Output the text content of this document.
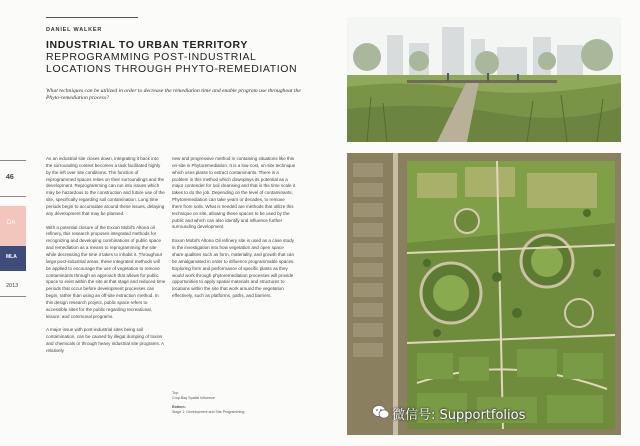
DANIEL WALKER
INDUSTRIAL TO URBAN TERRITORY
REPROGRAMMING POST-INDUSTRIAL
LOCATIONS THROUGH PHYTO-REMEDIATION
What techniques can be utilized in order to decrease the remediation time and enable program use throughout the Phyto-remediation process?
46
DA
MLA
2013

As an industrial site closes down, integrating it back into the surrounding context becomes a task facilitated highly by the left over site conditions. The function of reprogrammed spaces relies on their surroundings and the development. Reprogramming can run into issues which may be hazardous to the construction and future use of the site, specifically regarding soil contamination. Long time periods begin to accumulate around these issues, delaying any development that may be planned.

With a potential closure of the Exxon Mobil's Altona oil refinery, this research proposes integrated methods for recognizing and developing combinations of public space and remediation as a means to reprogramming the site while decreasing the time it takes to inhabit it. Throughout large post-industrial areas, these integrated methods will be applied to encourage the use of vegetation to remove contaminants through an approach that allows for public space to exist within the site at that stage and reduced time periods that occur before development processes can begin, rather than using an off-site extraction method. In this design research project, public space refers to accessible sites for the public regarding recreational, leisure, and communal programs.

A major issue with post-industrial sites being soil contamination, can be caused by illegal dumping of toxins and chemicals or through heavy industrial site programs. A relatively

new and progressive method in containing situations like this on-site is Phytoremediation. It is a low-cost, on-site technique which uses plants to extract contaminants. There is a problem in this method which downplays its potential as a major contender for soil cleansing and that is the time scale it takes to do the job. Depending on the level of contaminants, Phytoremediation can take years or decades, to remove them from soils. What is needed are methods that utilize this technique on site, allowing these spaces to be used by the public and which can also identify and influence further surrounding development.

Exxon Mobil's Altona Oil refinery site is used as a case study in the investigation into how vegetation and open space share qualities such as form, materiality, and growth that can be amalgamated in order to influence programmable spaces. Exploring form and performance of specific plants as they would work through phytoremediation processes will provide opportunities to apply spatial materials and structures to locations within the site that work around the vegetation effectively, such as platforms, paths, and barriers.

Top:
Crop-Bay Spatial Influence
Bottom:
Stage 1: Development and Site Programming	微信号: Supportfolios
